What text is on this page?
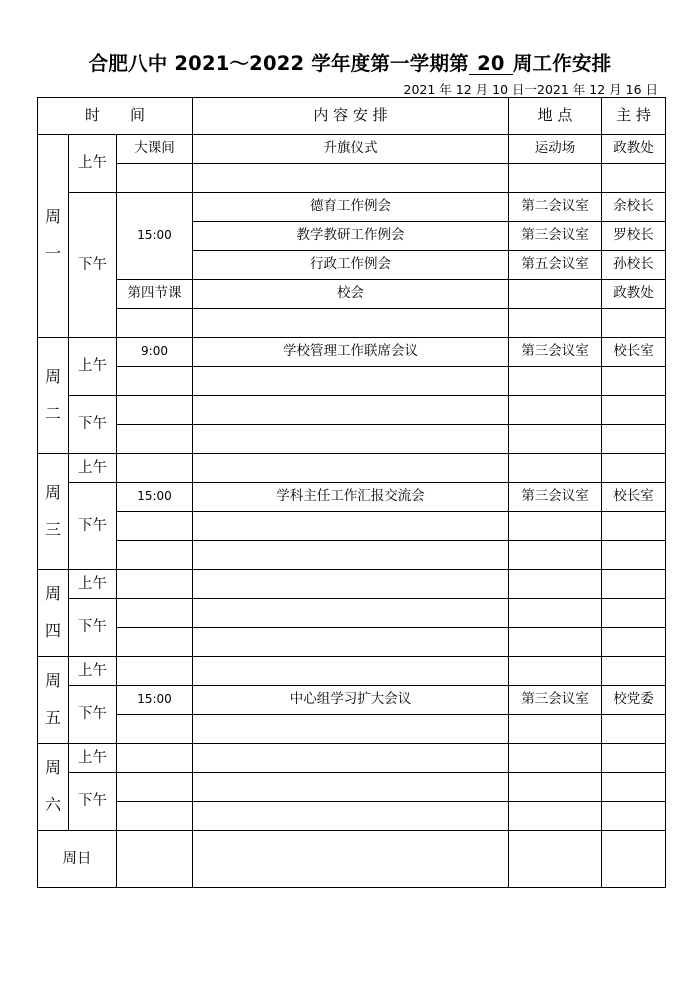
合肥八中 2021～2022 学年度第一学期第 20 周工作安排
2021 年 12 月 10 日一2021 年 12 月 16 日
时　　间			内 容 安 排	地 点	主 持
周一	上午	大课间	升旗仪式	运动场	政教处

	下午	15:00	德育工作例会	第二会议室	余校长
			教学教研工作例会	第三会议室	罗校长
			行政工作例会	第五会议室	孙校长
		第四节课	校会		政教处

周二	上午	9:00	学校管理工作联席会议	第三会议室	校长室

	下午				

周三	上午				
	下午	15:00	学科主任工作汇报交流会	第三会议室	校长室

周四	上午				
	下午				

周五	上午				
	下午	15:00	中心组学习扩大会议	第三会议室	校党委

周六	上午				
	下午				

周日					
